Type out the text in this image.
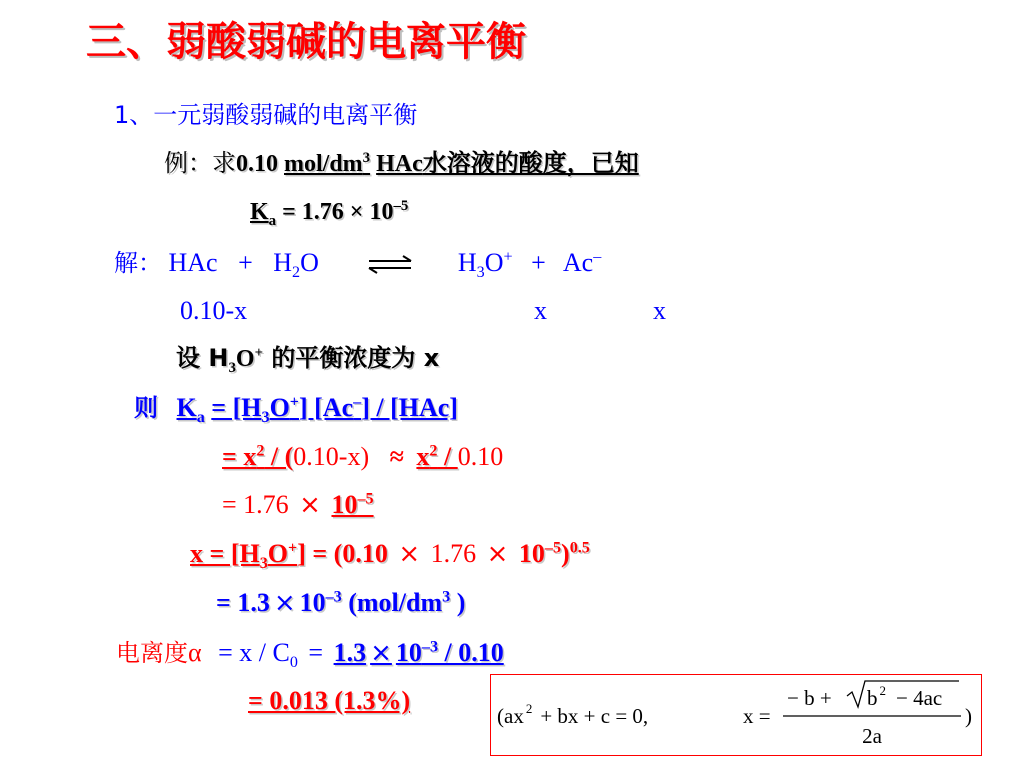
三、弱酸弱碱的电离平衡
1、一元弱酸弱碱的电离平衡
例：求0.10 mol/$dm^3$ HAc水溶液的酸度，已知
$K_a = 1.76 \times 10^{-5}$
解： HAc + $H_2O$	$H_3O^+ + Ac^-$
0.10-x	x	x
设 $H_3O^+$ 的平衡浓度为 x
则 $K_a = [H_3O^+]$ [Ac–] / [HAc]
= $x^2 / (0.10-x) \approx x^2 / 0.10$
= $1.76 \times 10^{-5}$
$x = [H_3O^+] = (0.10 \times 1.76 \times 10^{-5})^{0.5}$
= $1.3 \times 10^{-3}$ ($mol/dm^3$ )
电离度$\alpha = x / C_0 = 1.3 \times 10^{-3} / 0.10$
= 0.013 (1.3%)
(ax $^2$ + bx + c = 0,	x =
− b + b $^2$ − 4ac
2a
)
